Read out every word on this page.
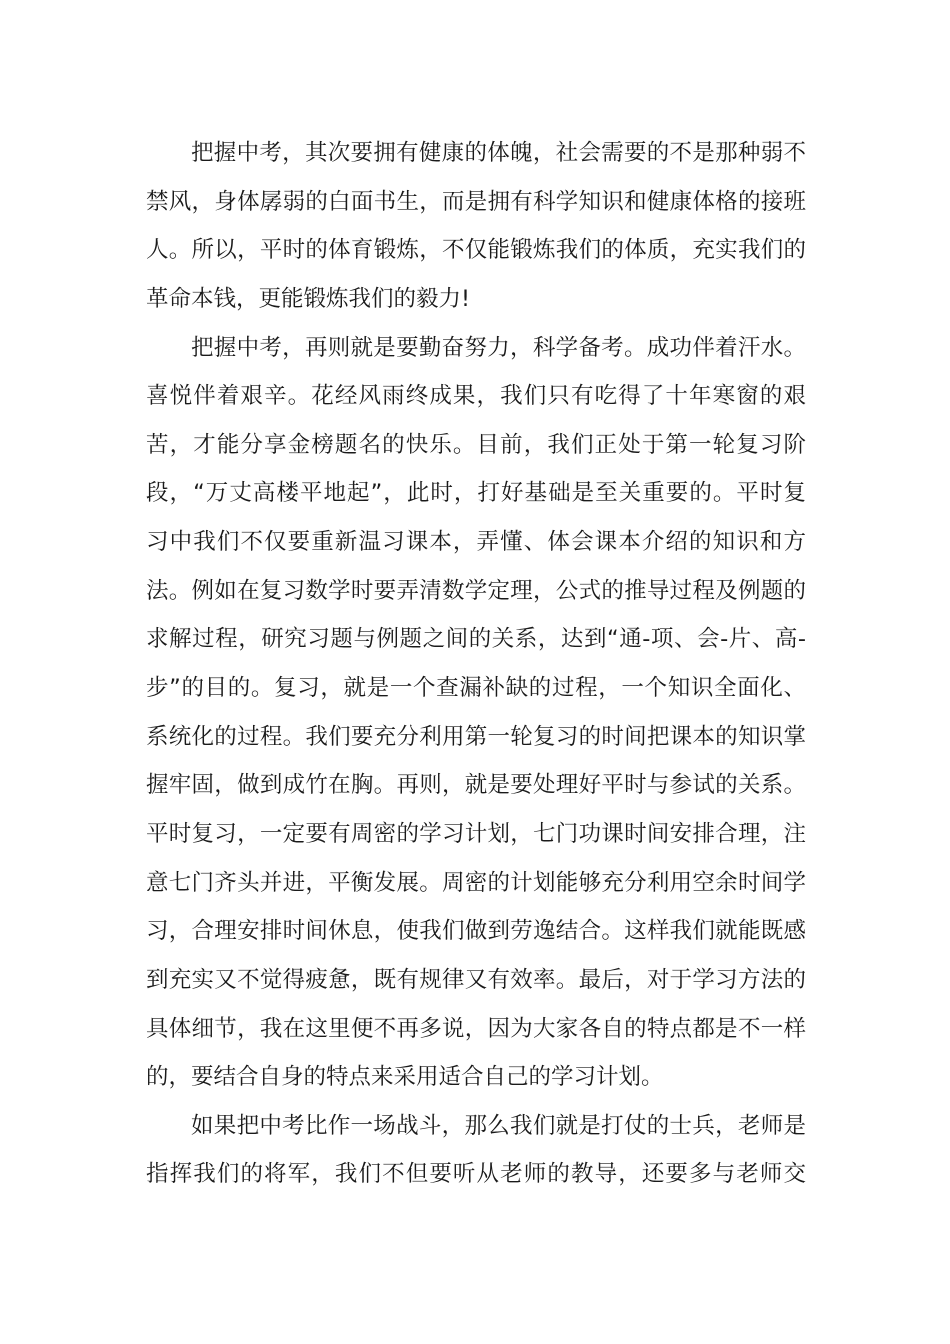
把握中考，其次要拥有健康的体魄，社会需要的不是那种弱不
禁风，身体孱弱的白面书生，而是拥有科学知识和健康体格的接班
人。所以，平时的体育锻炼，不仅能锻炼我们的体质，充实我们的
革命本钱，更能锻炼我们的毅力!
把握中考，再则就是要勤奋努力，科学备考。成功伴着汗水。
喜悦伴着艰辛。花经风雨终成果，我们只有吃得了十年寒窗的艰
苦，才能分享金榜题名的快乐。目前，我们正处于第一轮复习阶
段，“万丈高楼平地起”，此时，打好基础是至关重要的。平时复
习中我们不仅要重新温习课本，弄懂、体会课本介绍的知识和方
法。例如在复习数学时要弄清数学定理，公式的推导过程及例题的
求解过程，研究习题与例题之间的关系，达到“通-项、会-片、高-
步”的目的。复习，就是一个查漏补缺的过程，一个知识全面化、
系统化的过程。我们要充分利用第一轮复习的时间把课本的知识掌
握牢固，做到成竹在胸。再则，就是要处理好平时与参试的关系。
平时复习，一定要有周密的学习计划，七门功课时间安排合理，注
意七门齐头并进，平衡发展。周密的计划能够充分利用空余时间学
习，合理安排时间休息，使我们做到劳逸结合。这样我们就能既感
到充实又不觉得疲惫，既有规律又有效率。最后，对于学习方法的
具体细节，我在这里便不再多说，因为大家各自的特点都是不一样
的，要结合自身的特点来采用适合自己的学习计划。
如果把中考比作一场战斗，那么我们就是打仗的士兵，老师是
指挥我们的将军，我们不但要听从老师的教导，还要多与老师交
